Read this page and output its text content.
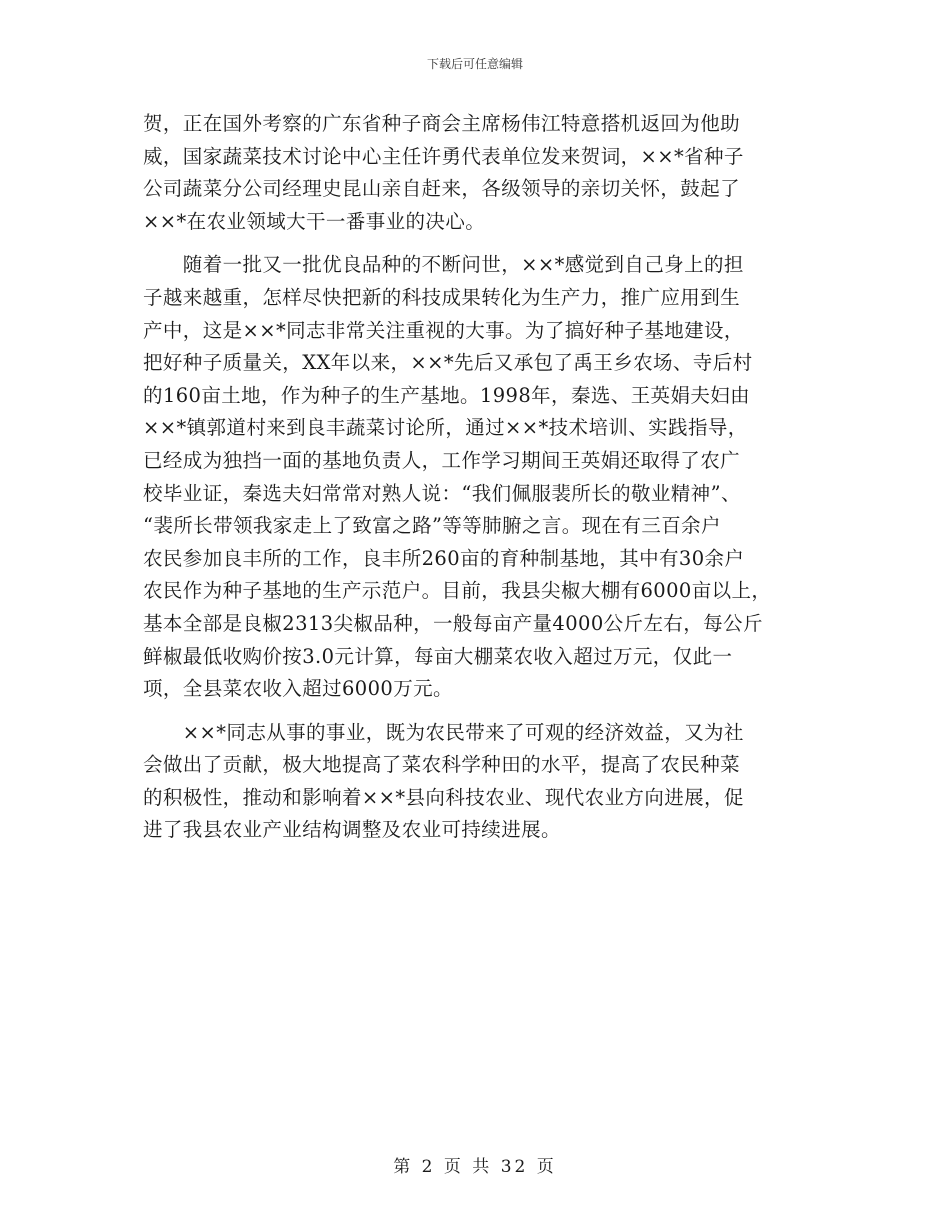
下载后可任意编辑
贺，正在国外考察的广东省种子商会主席杨伟江特意搭机返回为他助
威，国家蔬菜技术讨论中心主任许勇代表单位发来贺词，××*省种子
公司蔬菜分公司经理史昆山亲自赶来，各级领导的亲切关怀，鼓起了
××*在农业领域大干一番事业的决心。
　　随着一批又一批优良品种的不断问世，××*感觉到自己身上的担
子越来越重，怎样尽快把新的科技成果转化为生产力，推广应用到生
产中，这是××*同志非常关注重视的大事。为了搞好种子基地建设，
把好种子质量关，XX年以来，××*先后又承包了禹王乡农场、寺后村
的160亩土地，作为种子的生产基地。1998年，秦选、王英娟夫妇由
××*镇郭道村来到良丰蔬菜讨论所，通过××*技术培训、实践指导，
已经成为独挡一面的基地负责人，工作学习期间王英娟还取得了农广
校毕业证，秦选夫妇常常对熟人说：“我们佩服裴所长的敬业精神”、
“裴所长带领我家走上了致富之路”等等肺腑之言。现在有三百余户
农民参加良丰所的工作，良丰所260亩的育种制基地，其中有30余户
农民作为种子基地的生产示范户。目前，我县尖椒大棚有6000亩以上，
基本全部是良椒2313尖椒品种，一般每亩产量4000公斤左右，每公斤
鲜椒最低收购价按3.0元计算，每亩大棚菜农收入超过万元，仅此一
项，全县菜农收入超过6000万元。
　　××*同志从事的事业，既为农民带来了可观的经济效益，又为社
会做出了贡献，极大地提高了菜农科学种田的水平，提高了农民种菜
的积极性，推动和影响着××*县向科技农业、现代农业方向进展，促
进了我县农业产业结构调整及农业可持续进展。
第 2 页 共 32 页
